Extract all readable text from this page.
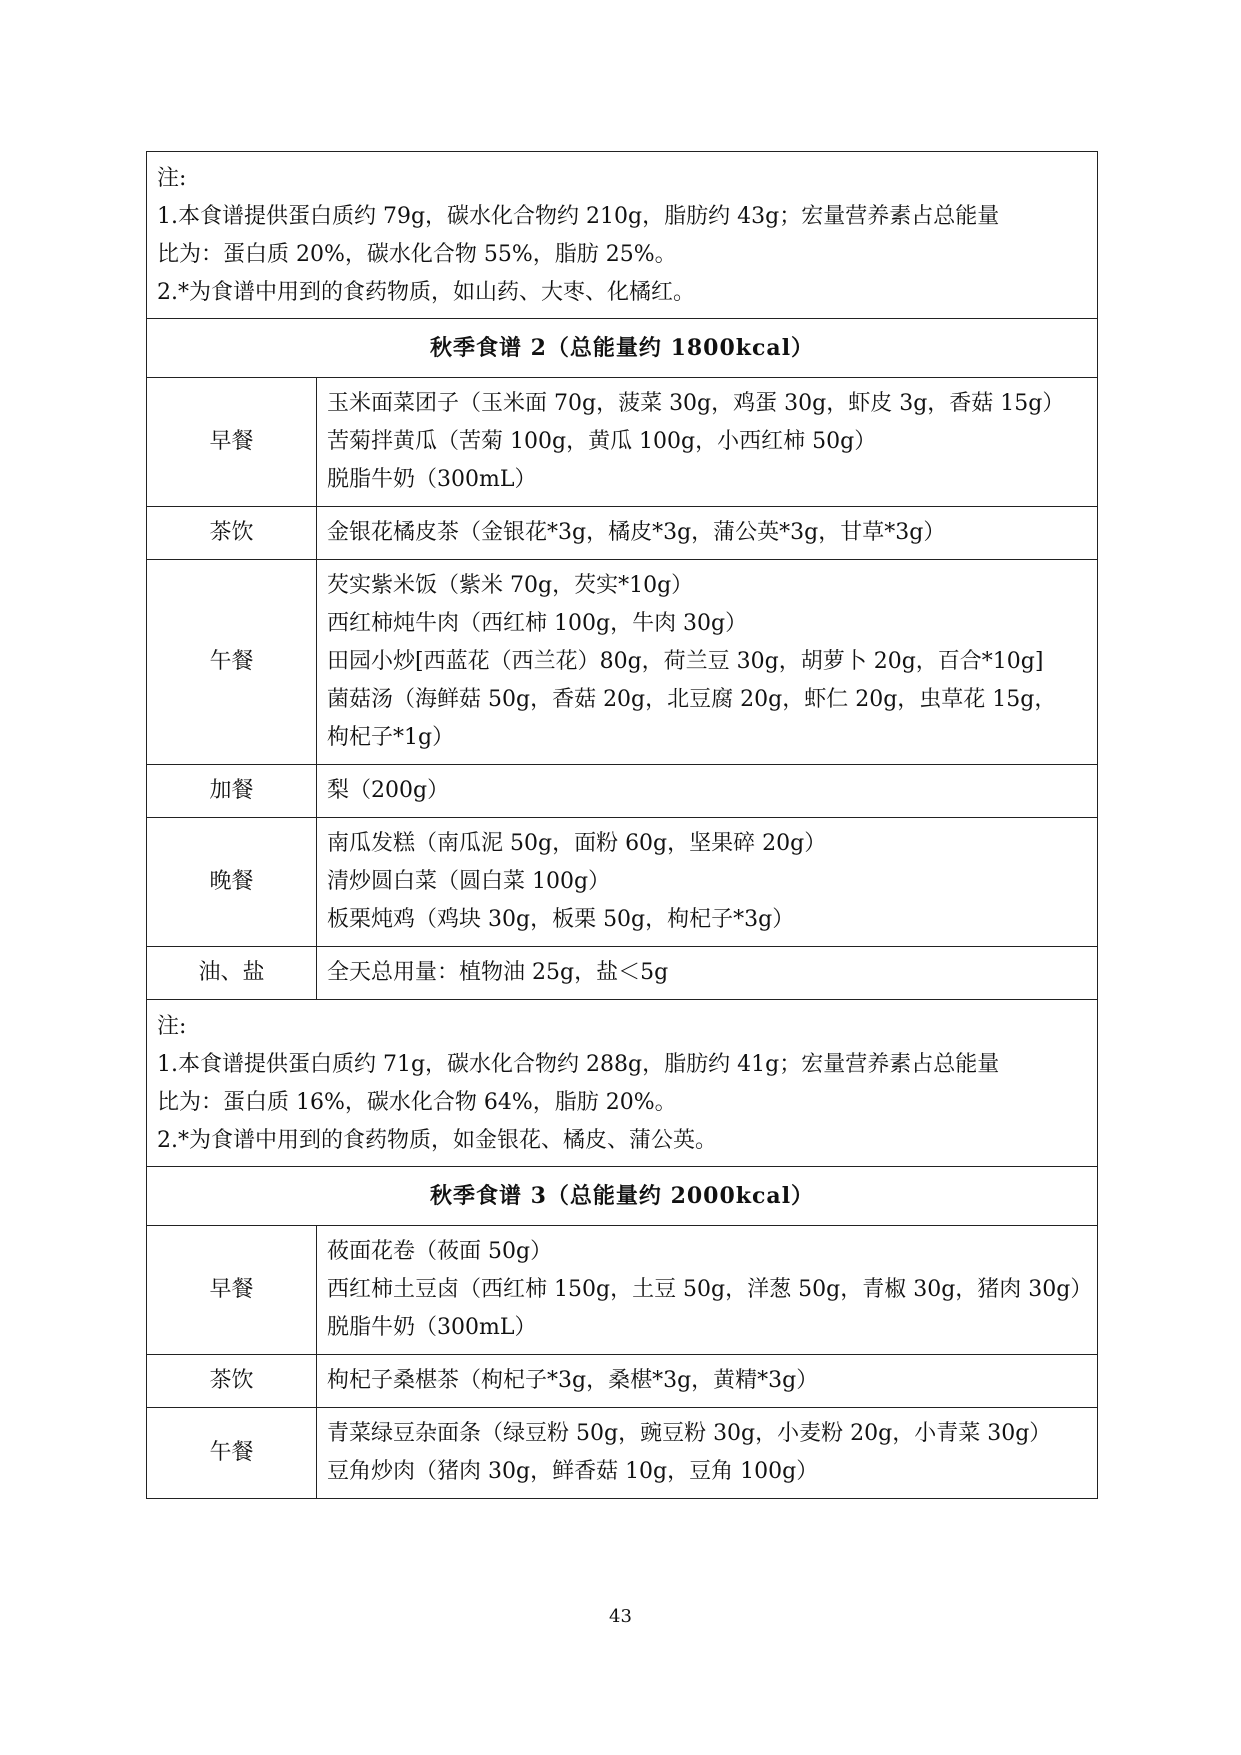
注:
1.本食谱提供蛋白质约 79g，碳水化合物约 210g，脂肪约 43g；宏量营养素占总能量
比为：蛋白质 20%，碳水化合物 55%，脂肪 25%。
2.*为食谱中用到的食药物质，如山药、大枣、化橘红。	

秋季食谱 2（总能量约 1800kcal）	
早餐	玉米面菜团子（玉米面 70g，菠菜 30g，鸡蛋 30g，虾皮 3g，香菇 15g）
苦菊拌黄瓜（苦菊 100g，黄瓜 100g，小西红柿 50g）
脱脂牛奶（300mL）

茶饮	金银花橘皮茶（金银花*3g，橘皮*3g，蒲公英*3g，甘草*3g）

午餐	芡实紫米饭（紫米 70g，芡实*10g）
西红柿炖牛肉（西红柿 100g，牛肉 30g）
田园小炒[西蓝花（西兰花）80g，荷兰豆 30g，胡萝卜 20g，百合*10g]
菌菇汤（海鲜菇 50g，香菇 20g，北豆腐 20g，虾仁 20g，虫草花 15g，
枸杞子*1g）

加餐	梨（200g）

晚餐	南瓜发糕（南瓜泥 50g，面粉 60g，坚果碎 20g）
清炒圆白菜（圆白菜 100g）
板栗炖鸡（鸡块 30g，板栗 50g，枸杞子*3g）

油、盐	全天总用量：植物油 25g，盐＜5g

注:
1.本食谱提供蛋白质约 71g，碳水化合物约 288g，脂肪约 41g；宏量营养素占总能量
比为：蛋白质 16%，碳水化合物 64%，脂肪 20%。
2.*为食谱中用到的食药物质，如金银花、橘皮、蒲公英。	

秋季食谱 3（总能量约 2000kcal）	
早餐	莜面花卷（莜面 50g）
西红柿土豆卤（西红柿 150g，土豆 50g，洋葱 50g，青椒 30g，猪肉 30g）
脱脂牛奶（300mL）

茶饮	枸杞子桑椹茶（枸杞子*3g，桑椹*3g，黄精*3g）

午餐	青菜绿豆杂面条（绿豆粉 50g，豌豆粉 30g，小麦粉 20g，小青菜 30g）
豆角炒肉（猪肉 30g，鲜香菇 10g，豆角 100g）
43
